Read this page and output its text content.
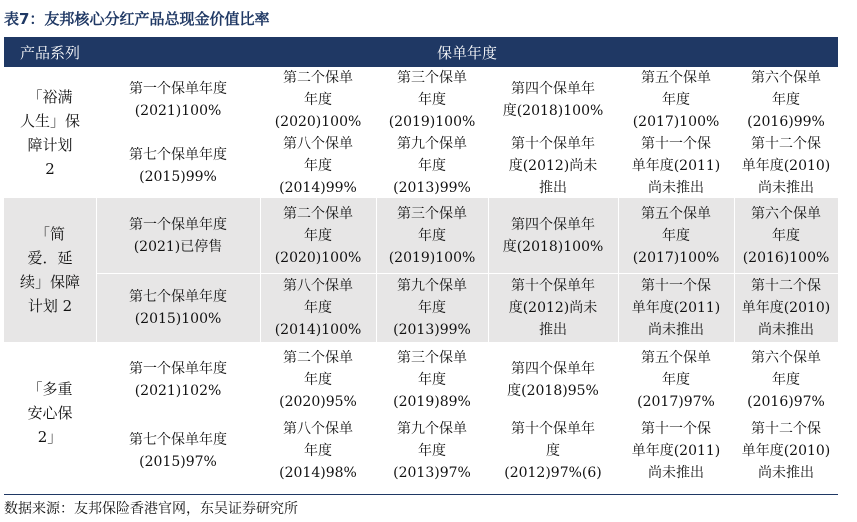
表7：友邦核心分红产品总现金价值比率
产品系列	保单年度
「裕满
人生」保
障计划
2
第一个保单年度
(2021)100%
第二个保单
年度
(2020)100%
第三个保单
年度
(2019)100%
第四个保单年
度(2018)100%
第五个保单
年度
(2017)100%
第六个保单
年度
(2016)99%
第七个保单年度
(2015)99%
第八个保单
年度
(2014)99%
第九个保单
年度
(2013)99%
第十个保单年
度(2012)尚未
推出
第十一个保
单年度(2011)
尚未推出
第十二个保
单年度(2010)
尚未推出
「简
爱．延
续」保障
计划 2
第一个保单年度
(2021)已停售
第二个保单
年度
(2020)100%
第三个保单
年度
(2019)100%
第四个保单年
度(2018)100%
第五个保单
年度
(2017)100%
第六个保单
年度
(2016)100%
第七个保单年度
(2015)100%
第八个保单
年度
(2014)100%
第九个保单
年度
(2013)99%
第十个保单年
度(2012)尚未
推出
第十一个保
单年度(2011)
尚未推出
第十二个保
单年度(2010)
尚未推出
「多重
安心保
2」
第一个保单年度
(2021)102%
第二个保单
年度
(2020)95%
第三个保单
年度
(2019)89%
第四个保单年
度(2018)95%
第五个保单
年度
(2017)97%
第六个保单
年度
(2016)97%
第七个保单年度
(2015)97%
第八个保单
年度
(2014)98%
第九个保单
年度
(2013)97%
第十个保单年
度
(2012)97%(6)
第十一个保
单年度(2011)
尚未推出
第十二个保
单年度(2010)
尚未推出
数据来源：友邦保险香港官网，东吴证券研究所
